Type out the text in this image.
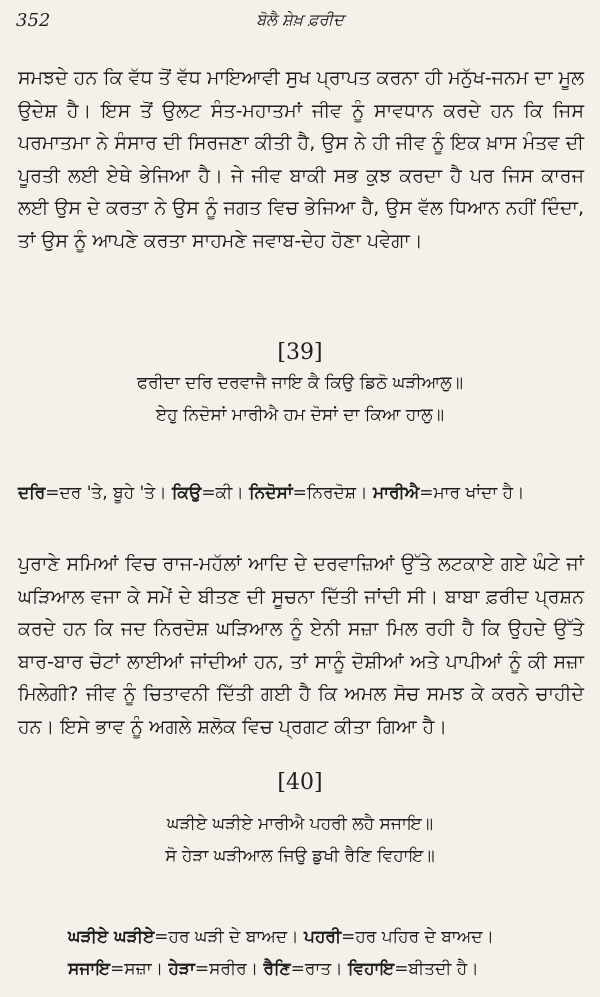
352	ਬੋਲੈ ਸ਼ੇਖ਼ ਫ਼ਰੀਦ

ਸਮਝਦੇ ਹਨ ਕਿ ਵੱਧ ਤੋਂ ਵੱਧ ਮਾਇਆਵੀ ਸੁਖ ਪ੍ਰਾਪਤ ਕਰਨਾ ਹੀ ਮਨੁੱਖ-ਜਨਮ ਦਾ ਮੂਲ ਉਦੇਸ਼ ਹੈ। ਇਸ ਤੋਂ ਉਲਟ ਸੰਤ-ਮਹਾਤਮਾਂ ਜੀਵ ਨੂੰ ਸਾਵਧਾਨ ਕਰਦੇ ਹਨ ਕਿ ਜਿਸ ਪਰਮਾਤਮਾ ਨੇ ਸੰਸਾਰ ਦੀ ਸਿਰਜਣਾ ਕੀਤੀ ਹੈ, ਉਸ ਨੇ ਹੀ ਜੀਵ ਨੂੰ ਇਕ ਖ਼ਾਸ ਮੰਤਵ ਦੀ ਪੂਰਤੀ ਲਈ ਏਥੇ ਭੇਜਿਆ ਹੈ। ਜੇ ਜੀਵ ਬਾਕੀ ਸਭ ਕੁਝ ਕਰਦਾ ਹੈ ਪਰ ਜਿਸ ਕਾਰਜ ਲਈ ਉਸ ਦੇ ਕਰਤਾ ਨੇ ਉਸ ਨੂੰ ਜਗਤ ਵਿਚ ਭੇਜਿਆ ਹੈ, ਉਸ ਵੱਲ ਧਿਆਨ ਨਹੀਂ ਦਿੰਦਾ, ਤਾਂ ਉਸ ਨੂੰ ਆਪਣੇ ਕਰਤਾ ਸਾਹਮਣੇ ਜਵਾਬ-ਦੇਹ ਹੋਣਾ ਪਵੇਗਾ।

[39]
ਫਰੀਦਾ ਦਰਿ ਦਰਵਾਜੈ ਜਾਇ ਕੈ ਕਿਉ ਡਿਠੋ ਘੜੀਆਲੁ॥
ਏਹੁ ਨਿਦੋਸਾਂ ਮਾਰੀਐ ਹਮ ਦੋਸਾਂ ਦਾ ਕਿਆ ਹਾਲੁ॥

ਦਰਿ=ਦਰ 'ਤੇ, ਬੂਹੇ 'ਤੇ। ਕਿਉ=ਕੀ। ਨਿਦੋਸਾਂ=ਨਿਰਦੋਸ਼। ਮਾਰੀਐ=ਮਾਰ ਖਾਂਦਾ ਹੈ।

ਪੁਰਾਣੇ ਸਮਿਆਂ ਵਿਚ ਰਾਜ-ਮਹੱਲਾਂ ਆਦਿ ਦੇ ਦਰਵਾਜ਼ਿਆਂ ਉੱਤੇ ਲਟਕਾਏ ਗਏ ਘੰਟੇ ਜਾਂ ਘੜਿਆਲ ਵਜਾ ਕੇ ਸਮੇਂ ਦੇ ਬੀਤਣ ਦੀ ਸੂਚਨਾ ਦਿੱਤੀ ਜਾਂਦੀ ਸੀ। ਬਾਬਾ ਫ਼ਰੀਦ ਪ੍ਰਸ਼ਨ ਕਰਦੇ ਹਨ ਕਿ ਜਦ ਨਿਰਦੋਸ਼ ਘੜਿਆਲ ਨੂੰ ਏਨੀ ਸਜ਼ਾ ਮਿਲ ਰਹੀ ਹੈ ਕਿ ਉਹਦੇ ਉੱਤੇ ਬਾਰ-ਬਾਰ ਚੋਟਾਂ ਲਾਈਆਂ ਜਾਂਦੀਆਂ ਹਨ, ਤਾਂ ਸਾਨੂੰ ਦੋਸ਼ੀਆਂ ਅਤੇ ਪਾਪੀਆਂ ਨੂੰ ਕੀ ਸਜ਼ਾ ਮਿਲੇਗੀ? ਜੀਵ ਨੂੰ ਚਿਤਾਵਨੀ ਦਿੱਤੀ ਗਈ ਹੈ ਕਿ ਅਮਲ ਸੋਚ ਸਮਝ ਕੇ ਕਰਨੇ ਚਾਹੀਦੇ ਹਨ। ਇਸੇ ਭਾਵ ਨੂੰ ਅਗਲੇ ਸ਼ਲੋਕ ਵਿਚ ਪ੍ਰਗਟ ਕੀਤਾ ਗਿਆ ਹੈ।

[40]
ਘੜੀਏ ਘੜੀਏ ਮਾਰੀਐ ਪਹਰੀ ਲਹੈ ਸਜਾਇ॥
ਸੋ ਹੇੜਾ ਘੜੀਆਲ ਜਿਉ ਡੁਖੀ ਰੈਣਿ ਵਿਹਾਇ॥

ਘੜੀਏ ਘੜੀਏ=ਹਰ ਘੜੀ ਦੇ ਬਾਅਦ। ਪਹਰੀ=ਹਰ ਪਹਿਰ ਦੇ ਬਾਅਦ।
ਸਜਾਇ=ਸਜ਼ਾ। ਹੇੜਾ=ਸਰੀਰ। ਰੈਣਿ=ਰਾਤ। ਵਿਹਾਇ=ਬੀਤਦੀ ਹੈ।
